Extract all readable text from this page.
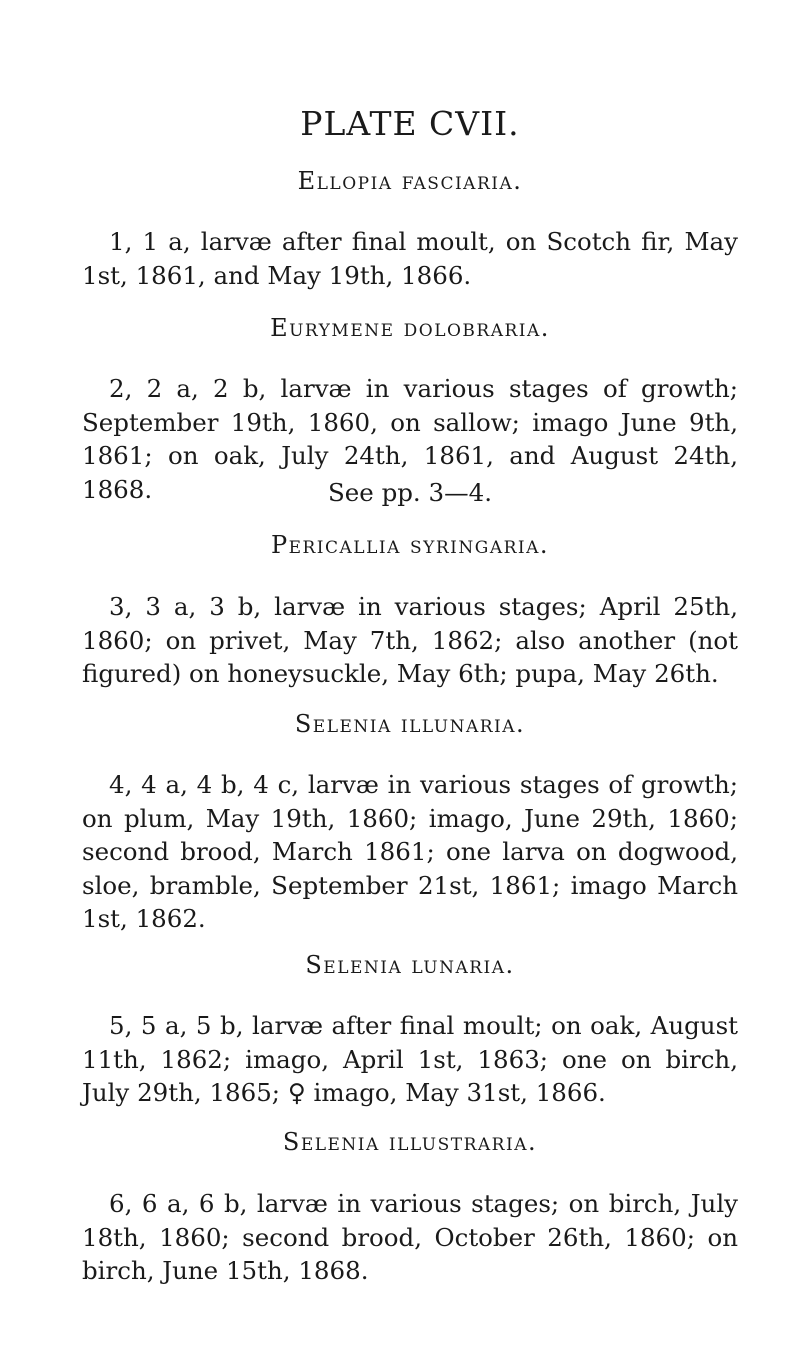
PLATE CVII.
Ellopia fasciaria.
1, 1 a, larvæ after final moult, on Scotch fir, May 1st, 1861, and May 19th, 1866.
Eurymene dolobraria.
2, 2 a, 2 b, larvæ in various stages of growth; September 19th, 1860, on sallow; imago June 9th, 1861; on oak, July 24th, 1861, and August 24th, 1868.	See pp. 3—4.
Pericallia syringaria.
3, 3 a, 3 b, larvæ in various stages; April 25th, 1860; on privet, May 7th, 1862; also another (not figured) on honeysuckle, May 6th; pupa, May 26th.
Selenia illunaria.
4, 4 a, 4 b, 4 c, larvæ in various stages of growth; on plum, May 19th, 1860; imago, June 29th, 1860; second brood, March 1861; one larva on dogwood, sloe, bramble, September 21st, 1861; imago March 1st, 1862.
Selenia lunaria.
5, 5 a, 5 b, larvæ after final moult; on oak, August 11th, 1862; imago, April 1st, 1863; one on birch, July 29th, 1865; ♀ imago, May 31st, 1866.
Selenia illustraria.
6, 6 a, 6 b, larvæ in various stages; on birch, July 18th, 1860; second brood, October 26th, 1860; on birch, June 15th, 1868.
